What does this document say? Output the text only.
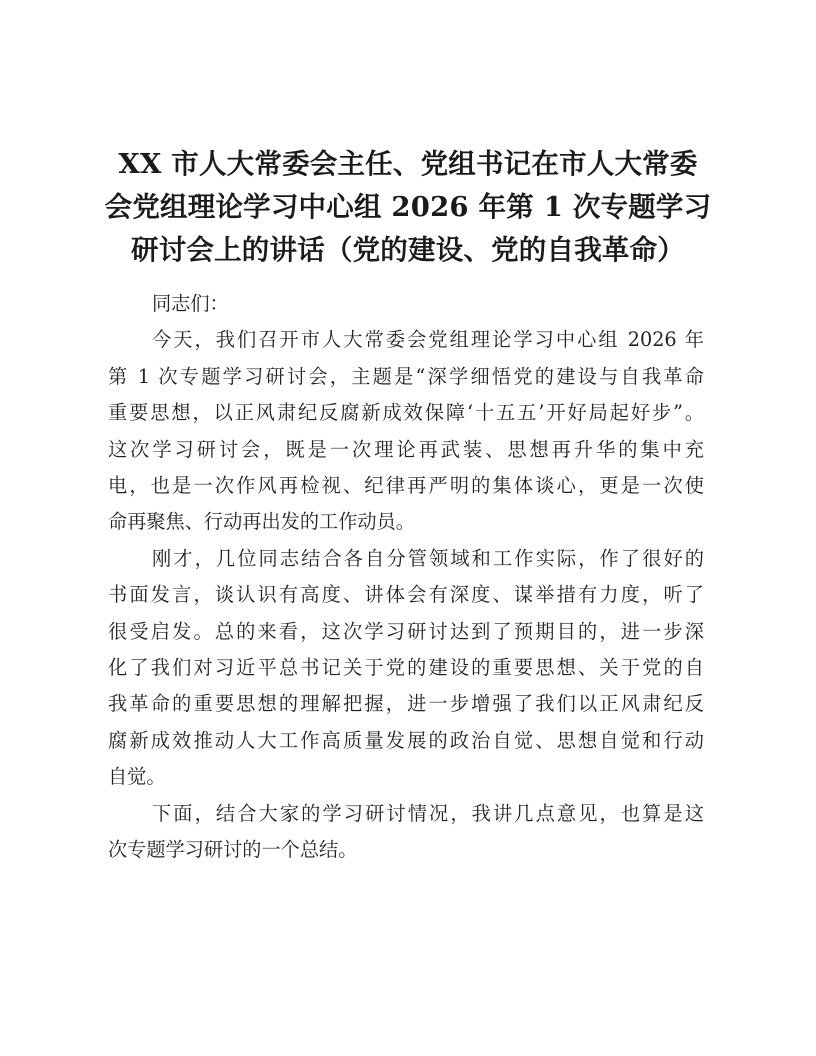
XX 市人大常委会主任、党组书记在市人大常委
会党组理论学习中心组 2026 年第 1 次专题学习
研讨会上的讲话（党的建设、党的自我革命）
同志们：
今天，我们召开市人大常委会党组理论学习中心组 2026 年
第 1 次专题学习研讨会，主题是“深学细悟党的建设与自我革命
重要思想，以正风肃纪反腐新成效保障‘十五五’开好局起好步”。
这次学习研讨会，既是一次理论再武装、思想再升华的集中充
电，也是一次作风再检视、纪律再严明的集体谈心，更是一次使
命再聚焦、行动再出发的工作动员。
刚才，几位同志结合各自分管领域和工作实际，作了很好的
书面发言，谈认识有高度、讲体会有深度、谋举措有力度，听了
很受启发。总的来看，这次学习研讨达到了预期目的，进一步深
化了我们对习近平总书记关于党的建设的重要思想、关于党的自
我革命的重要思想的理解把握，进一步增强了我们以正风肃纪反
腐新成效推动人大工作高质量发展的政治自觉、思想自觉和行动
自觉。
下面，结合大家的学习研讨情况，我讲几点意见，也算是这
次专题学习研讨的一个总结。
